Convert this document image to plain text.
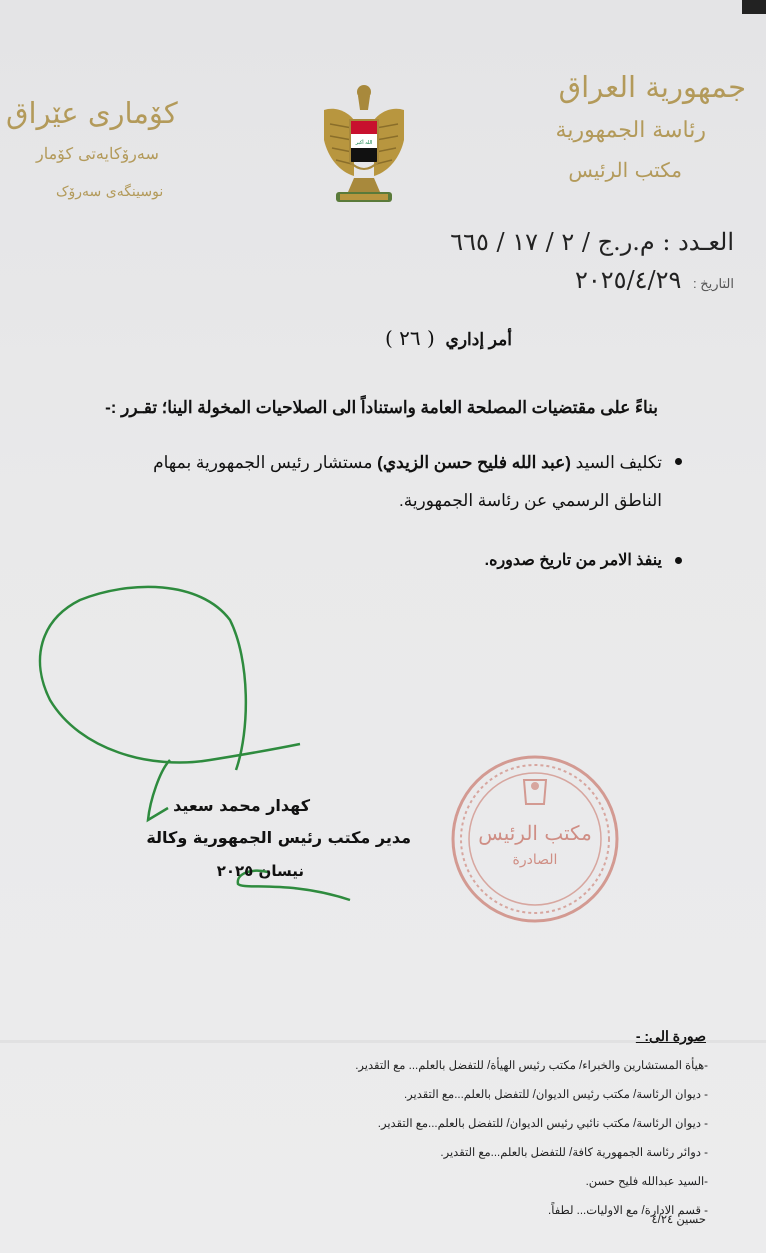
جمهورية العراق
رئاسة الجمهورية
مكتب الرئيس
كۆماری عێراق
سەرۆکایەتی کۆمار
نوسینگەی سەرۆک
الله أكبر
العـدد : م.ر.ج / ٢ / ١٧ / ٦٦٥
التاريخ : ٢٠٢٥/٤/٢٩
أمر إداري ( ٢٦ )
بناءً على مقتضيات المصلحة العامة واستناداً الى الصلاحيات المخولة الينا؛ تقـرر :-
تكليف السيد (عبد الله فليح حسن الزيدي) مستشار رئيس الجمهورية بمهام الناطق الرسمي عن رئاسة الجمهورية.
ينفذ الامر من تاريخ صدوره.
مكتب الرئيس
الصادرة
كهدار محمد سعيد
مدير مكتب رئيس الجمهورية وكالة
نيسان ٢٠٢٥
صورة الى: -
-هيأة المستشارين والخبراء/ مكتب رئيس الهيأة/ للتفضل بالعلم... مع التقدير.
- ديوان الرئاسة/ مكتب رئيس الديوان/ للتفضل بالعلم...مع التقدير.
- ديوان الرئاسة/ مكتب نائبي رئيس الديوان/ للتفضل بالعلم...مع التقدير.
- دوائر رئاسة الجمهورية كافة/ للتفضل بالعلم...مع التقدير.
-السيد عبدالله فليح حسن.
- قسم الادارة/ مع الاوليات... لطفاً.
حسين ٤/٢٤
